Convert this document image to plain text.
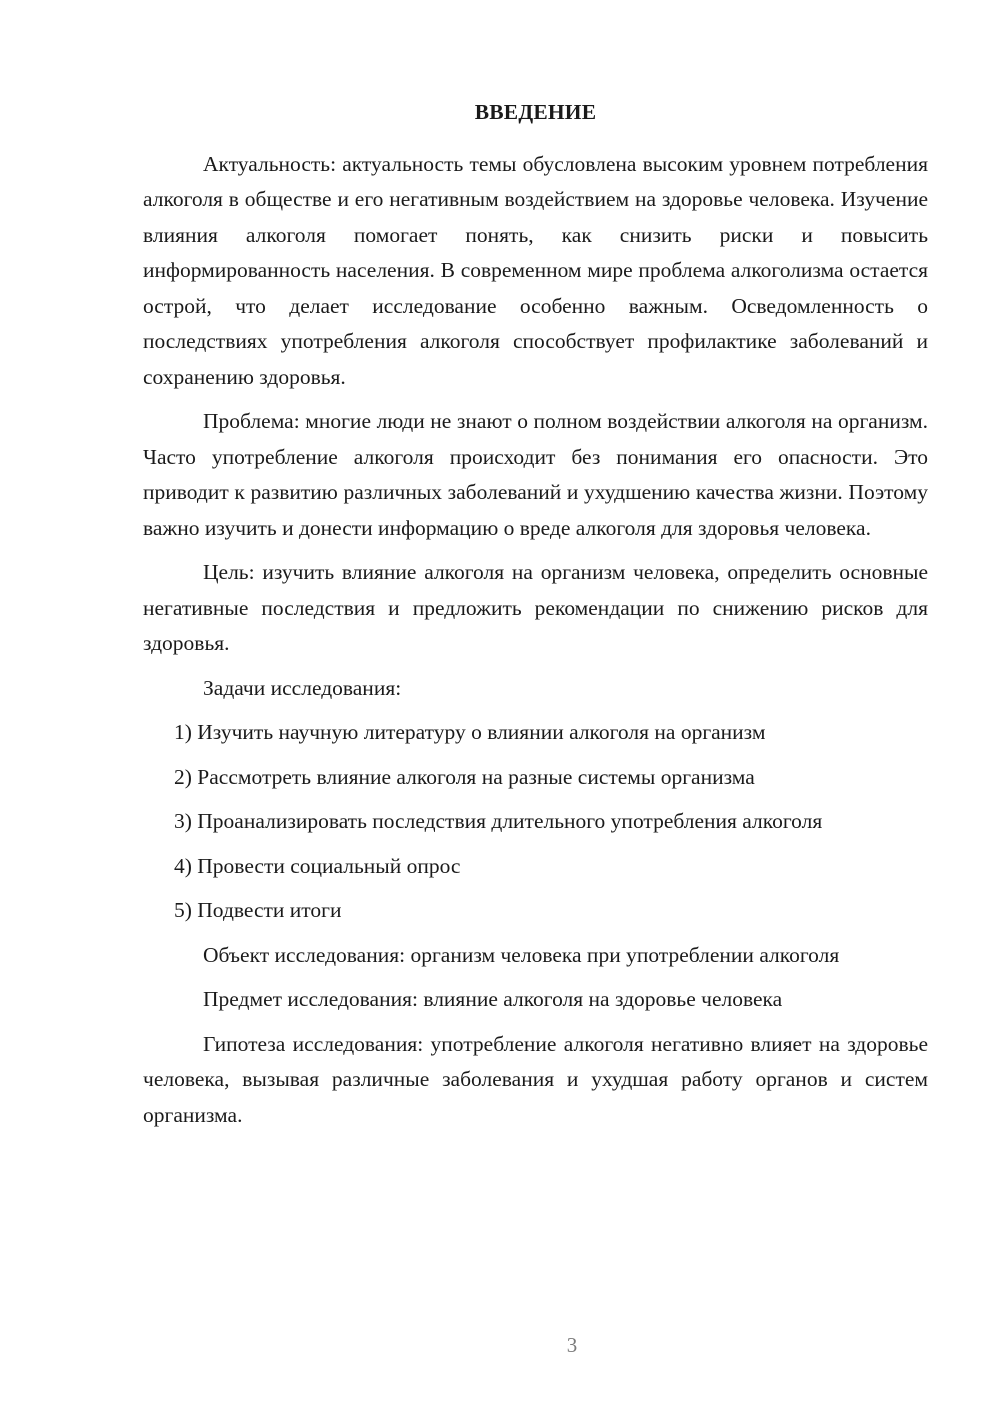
ВВЕДЕНИЕ

Актуальность: актуальность темы обусловлена высоким уровнем потребления алкоголя в обществе и его негативным воздействием на здоровье человека. Изучение влияния алкоголя помогает понять, как снизить риски и повысить информированность населения. В современном мире проблема алкоголизма остается острой, что делает исследование особенно важным. Осведомленность о последствиях употребления алкоголя способствует профилактике заболеваний и сохранению здоровья.

Проблема: многие люди не знают о полном воздействии алкоголя на организм. Часто употребление алкоголя происходит без понимания его опасности. Это приводит к развитию различных заболеваний и ухудшению качества жизни. Поэтому важно изучить и донести информацию о вреде алкоголя для здоровья человека.

Цель: изучить влияние алкоголя на организм человека, определить основные негативные последствия и предложить рекомендации по снижению рисков для здоровья.

Задачи исследования:

1) Изучить научную литературу о влиянии алкоголя на организм

2) Рассмотреть влияние алкоголя на разные системы организма

3) Проанализировать последствия длительного употребления алкоголя

4) Провести социальный опрос

5) Подвести итоги

Объект исследования: организм человека при употреблении алкоголя

Предмет исследования: влияние алкоголя на здоровье человека

Гипотеза исследования: употребление алкоголя негативно влияет на здоровье человека, вызывая различные заболевания и ухудшая работу органов и систем организма.

3
